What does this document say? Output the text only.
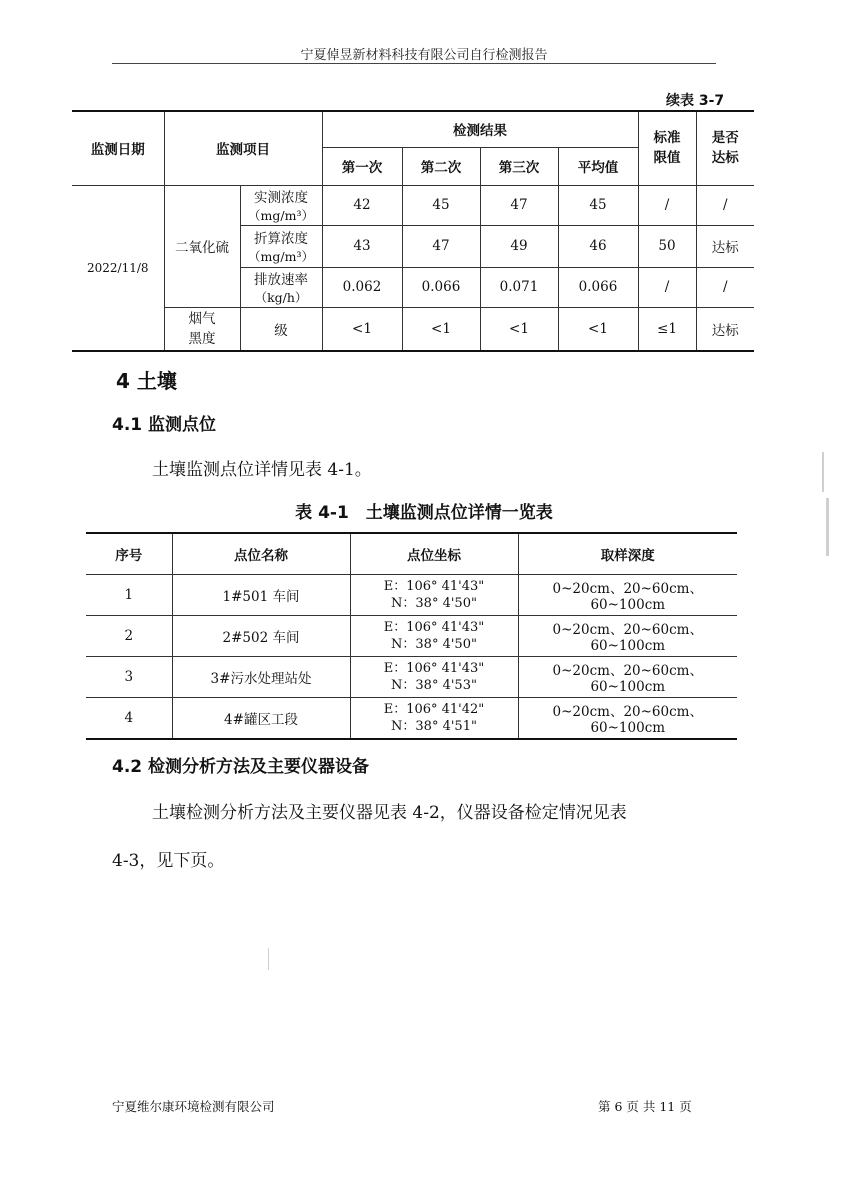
宁夏倬昱新材料科技有限公司自行检测报告
续表 3-7
监测日期	监测项目		检测结果				标准限值	是否达标

			第一次	第二次	第三次	平均值		
2022/11/8	二氧化硫	实测浓度
（mg/m³）	42	45	47	45	/	/

		折算浓度
（mg/m³）	43	47	49	46	50	达标

		排放速率
（kg/h）	0.062	0.066	0.071	0.066	/	/

	烟气黑度	级	<1	<1	<1	<1	≤1	达标
4 土壤
4.1 监测点位
土壤监测点位详情见表 4-1。
表 4-1　土壤监测点位详情一览表
序号	点位名称	点位坐标	取样深度
1	1#501 车间	E：106° 41'43"
N：38° 4'50"	0~20cm、20~60cm、60~100cm
2	2#502 车间	E：106° 41'43"
N：38° 4'50"	0~20cm、20~60cm、60~100cm
3	3#污水处理站处	E：106° 41'43"
N：38° 4'53"	0~20cm、20~60cm、60~100cm
4	4#罐区工段	E：106° 41'42"
N：38° 4'51"	0~20cm、20~60cm、60~100cm
4.2 检测分析方法及主要仪器设备
土壤检测分析方法及主要仪器见表 4-2，仪器设备检定情况见表
4-3，见下页。
宁夏维尔康环境检测有限公司	第 6 页 共 11 页
